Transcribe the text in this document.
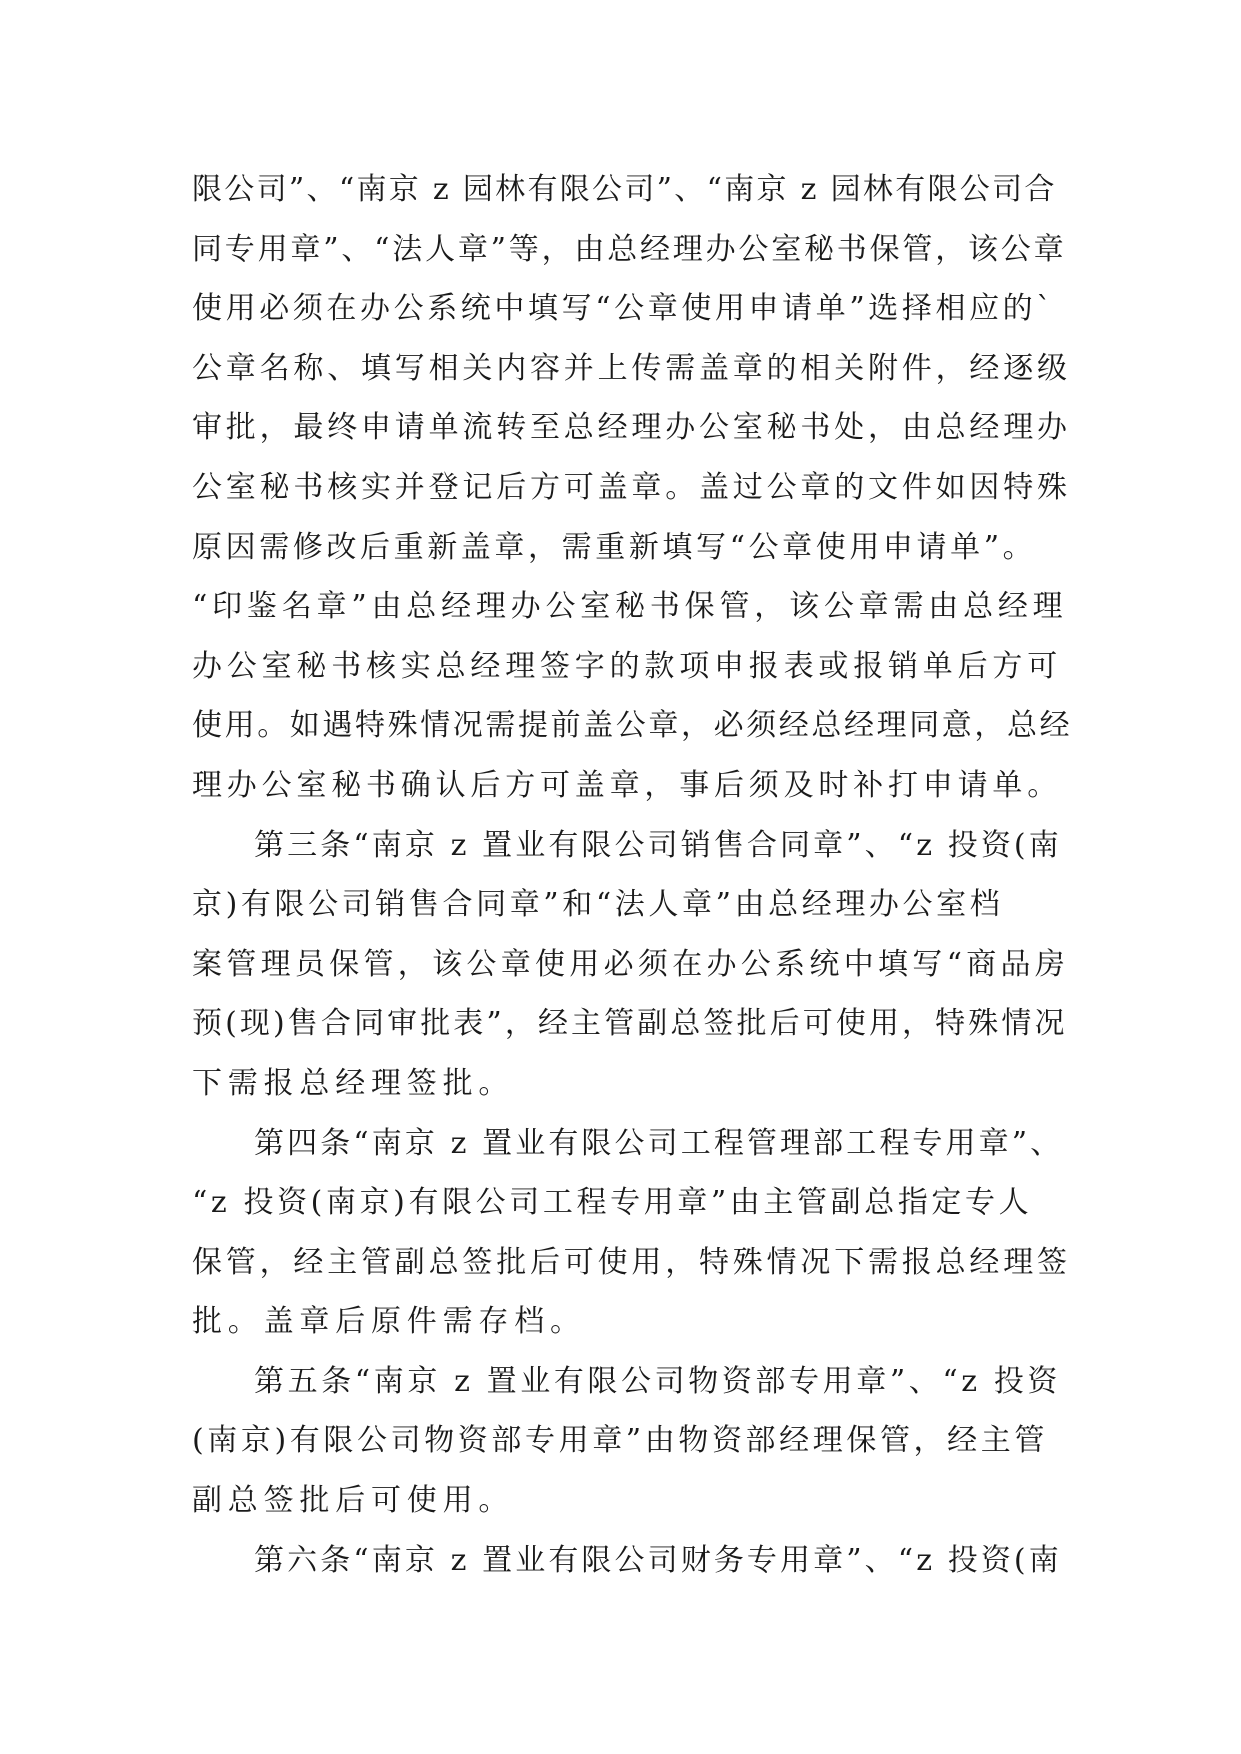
限公司”、“南京 z 园林有限公司”、“南京 z 园林有限公司合
同专用章”、“法人章”等，由总经理办公室秘书保管，该公章
使用必须在办公系统中填写“公章使用申请单”选择相应的`
公章名称、填写相关内容并上传需盖章的相关附件，经逐级
审批，最终申请单流转至总经理办公室秘书处，由总经理办
公室秘书核实并登记后方可盖章。盖过公章的文件如因特殊
原因需修改后重新盖章，需重新填写“公章使用申请单”。
“印鉴名章”由总经理办公室秘书保管，该公章需由总经理
办公室秘书核实总经理签字的款项申报表或报销单后方可
使用。如遇特殊情况需提前盖公章，必须经总经理同意，总经
理办公室秘书确认后方可盖章，事后须及时补打申请单。
第三条“南京 z 置业有限公司销售合同章”、“z 投资(南
京)有限公司销售合同章”和“法人章”由总经理办公室档
案管理员保管，该公章使用必须在办公系统中填写“商品房
预(现)售合同审批表”，经主管副总签批后可使用，特殊情况
下需报总经理签批。
第四条“南京 z 置业有限公司工程管理部工程专用章”、
“z 投资(南京)有限公司工程专用章”由主管副总指定专人
保管，经主管副总签批后可使用，特殊情况下需报总经理签
批。盖章后原件需存档。
第五条“南京 z 置业有限公司物资部专用章”、“z 投资
(南京)有限公司物资部专用章”由物资部经理保管，经主管
副总签批后可使用。
第六条“南京 z 置业有限公司财务专用章”、“z 投资(南
